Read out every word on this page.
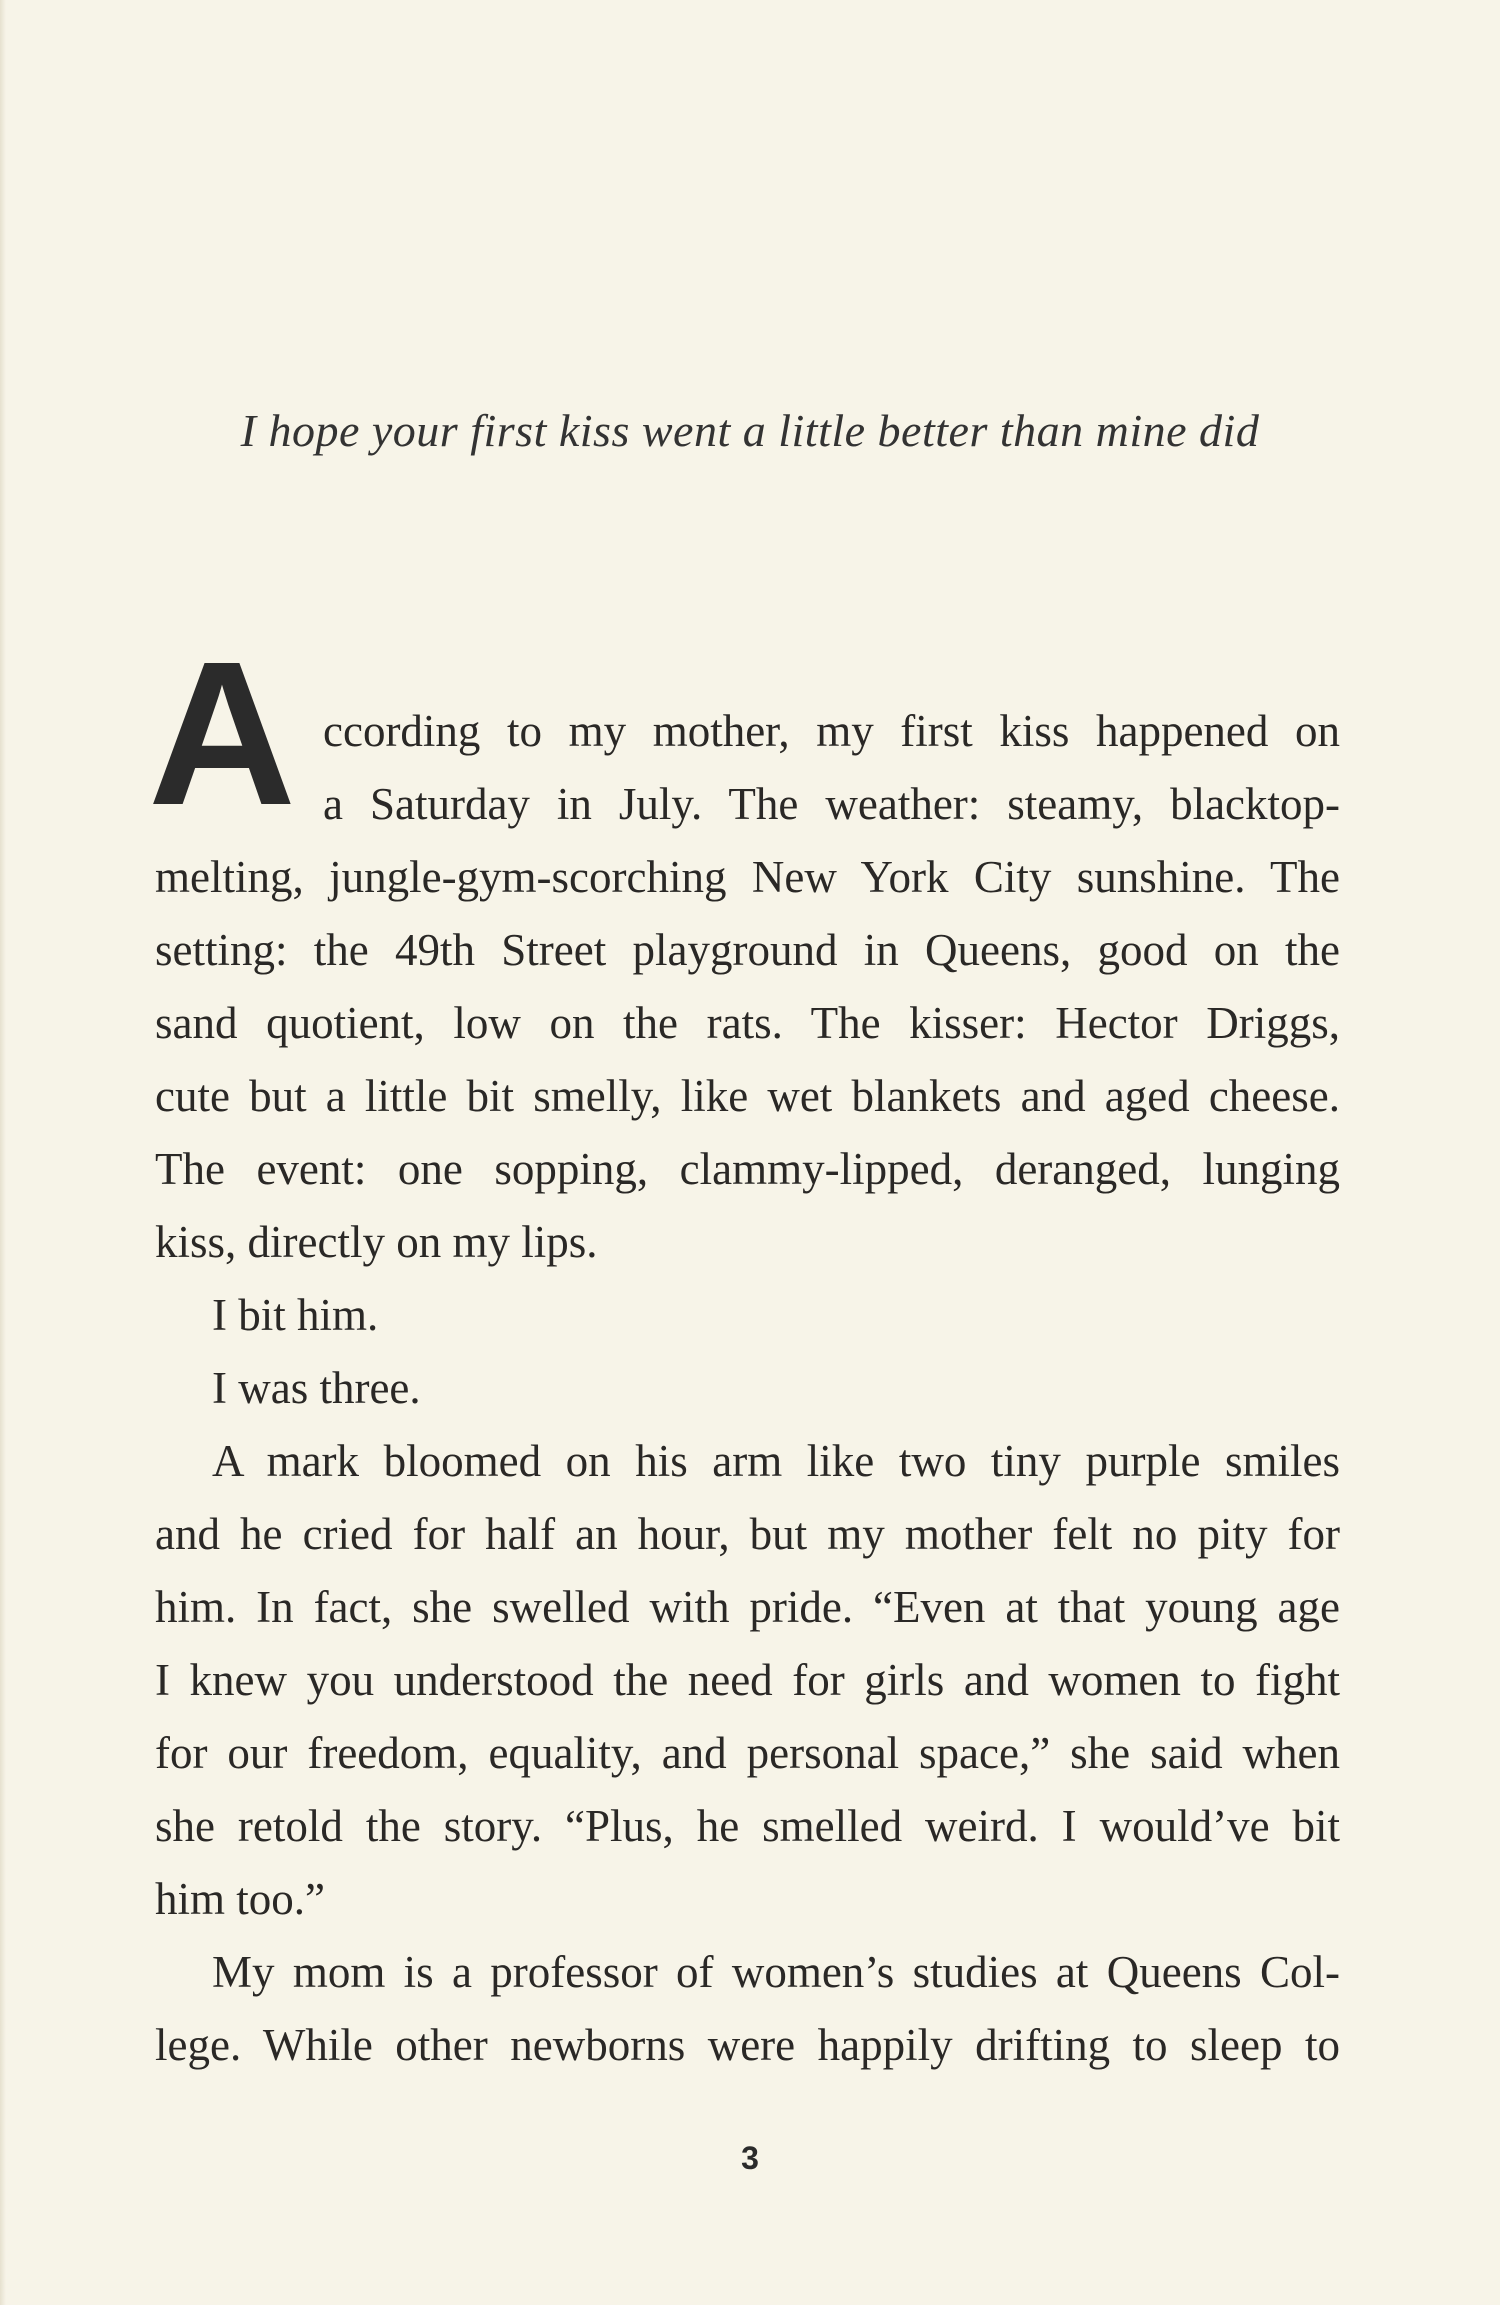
I hope your first kiss went a little better than mine did
A ccording to my mother, my first kiss happened on
a Saturday in July. The weather: steamy, blacktop-
melting, jungle-gym-scorching New York City sunshine. The
setting: the 49th Street playground in Queens, good on the
sand quotient, low on the rats. The kisser: Hector Driggs,
cute but a little bit smelly, like wet blankets and aged cheese.
The event: one sopping, clammy-lipped, deranged, lunging
kiss, directly on my lips.
I bit him.
I was three.
A mark bloomed on his arm like two tiny purple smiles
and he cried for half an hour, but my mother felt no pity for
him. In fact, she swelled with pride. “Even at that young age
I knew you understood the need for girls and women to fight
for our freedom, equality, and personal space,” she said when
she retold the story. “Plus, he smelled weird. I would’ve bit
him too.”
My mom is a professor of women’s studies at Queens Col-
lege. While other newborns were happily drifting to sleep to
3
